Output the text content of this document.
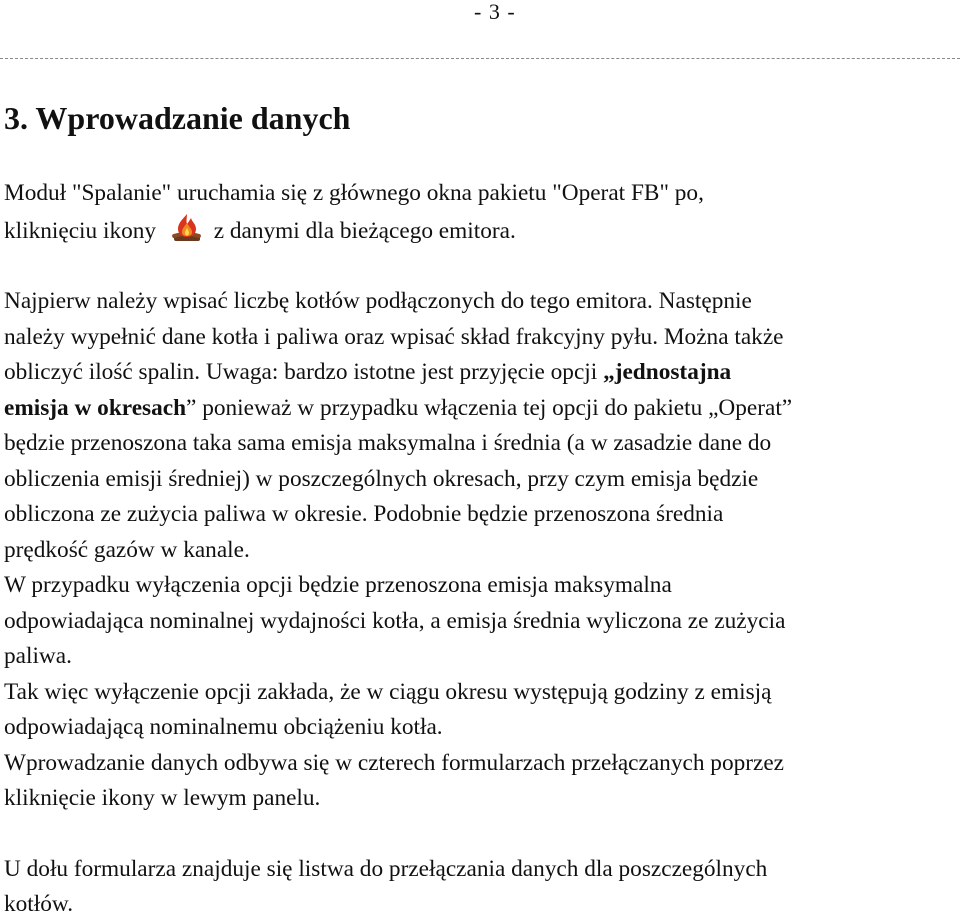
- 3 -
3. Wprowadzanie danych

Moduł "Spalanie" uruchamia się z głównego okna pakietu "Operat FB" po,

kliknięciu ikony
z danymi dla bieżącego emitora.

Najpierw należy wpisać liczbę kotłów podłączonych do tego emitora. Następnie

należy wypełnić dane kotła i paliwa oraz wpisać skład frakcyjny pyłu. Można także

obliczyć ilość spalin. Uwaga: bardzo istotne jest przyjęcie opcji „jednostajna

emisja w okresach” ponieważ w przypadku włączenia tej opcji do pakietu „Operat”

będzie przenoszona taka sama emisja maksymalna i średnia (a w zasadzie dane do

obliczenia emisji średniej) w poszczególnych okresach, przy czym emisja będzie

obliczona ze zużycia paliwa w okresie. Podobnie będzie przenoszona średnia

prędkość gazów w kanale.

W przypadku wyłączenia opcji będzie przenoszona emisja maksymalna

odpowiadająca nominalnej wydajności kotła, a emisja średnia wyliczona ze zużycia

paliwa.

Tak więc wyłączenie opcji zakłada, że w ciągu okresu występują godziny z emisją

odpowiadającą nominalnemu obciążeniu kotła.

Wprowadzanie danych odbywa się w czterech formularzach przełączanych poprzez

kliknięcie ikony w lewym panelu.

U dołu formularza znajduje się listwa do przełączania danych dla poszczególnych

kotłów.
